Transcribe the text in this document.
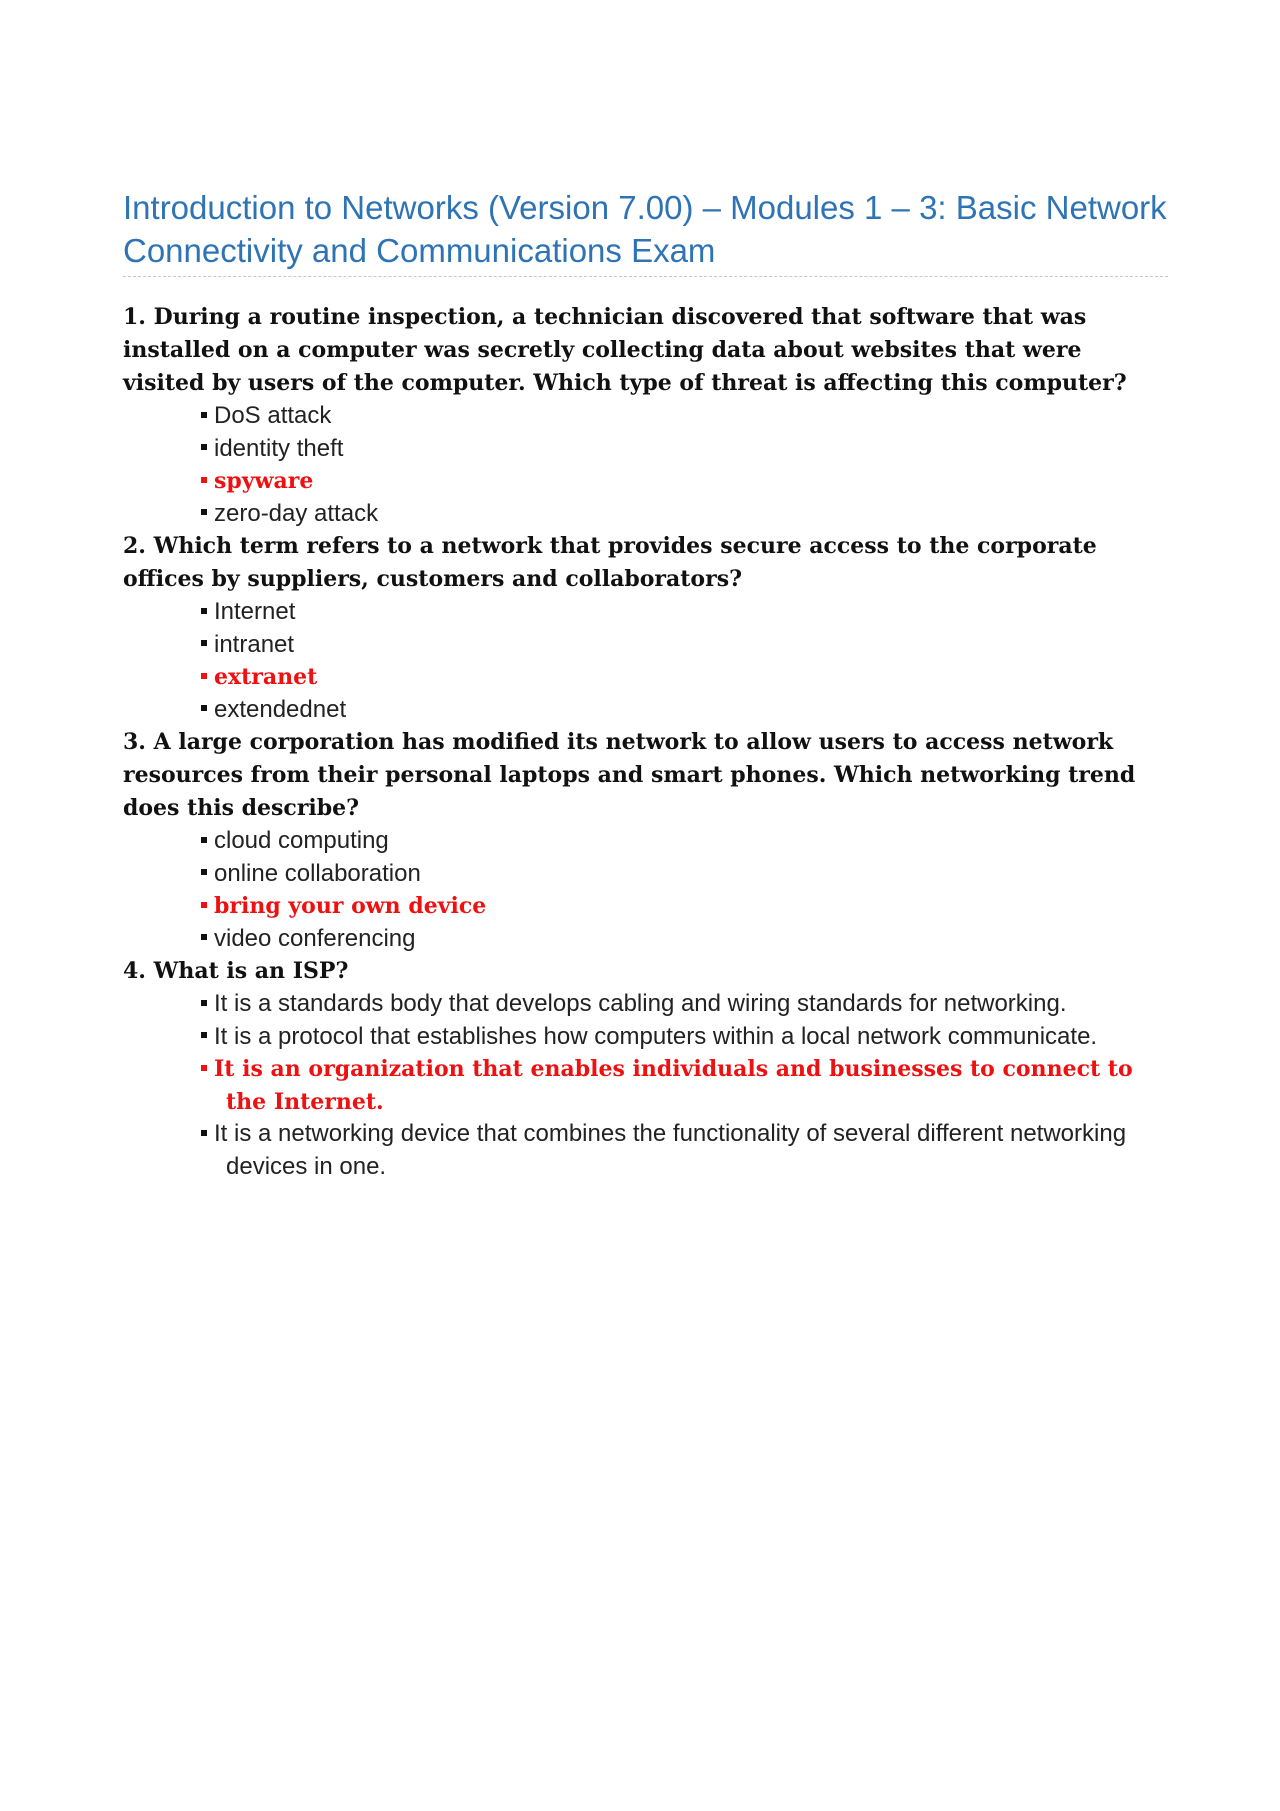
Introduction to Networks (Version 7.00) – Modules 1 – 3: Basic Network Connectivity and Communications Exam

1. During a routine inspection, a technician discovered that software that was installed on a computer was secretly collecting data about websites that were visited by users of the computer. Which type of threat is affecting this computer?

DoS attack
identity theft
spyware
zero-day attack

2. Which term refers to a network that provides secure access to the corporate offices by suppliers, customers and collaborators?

Internet
intranet
extranet
extendednet

3. A large corporation has modified its network to allow users to access network resources from their personal laptops and smart phones. Which networking trend does this describe?

cloud computing
online collaboration
bring your own device
video conferencing

4. What is an ISP?

It is a standards body that develops cabling and wiring standards for networking.
It is a protocol that establishes how computers within a local network communicate.
It is an organization that enables individuals and businesses to connect to the Internet.
It is a networking device that combines the functionality of several different networking devices in one.
